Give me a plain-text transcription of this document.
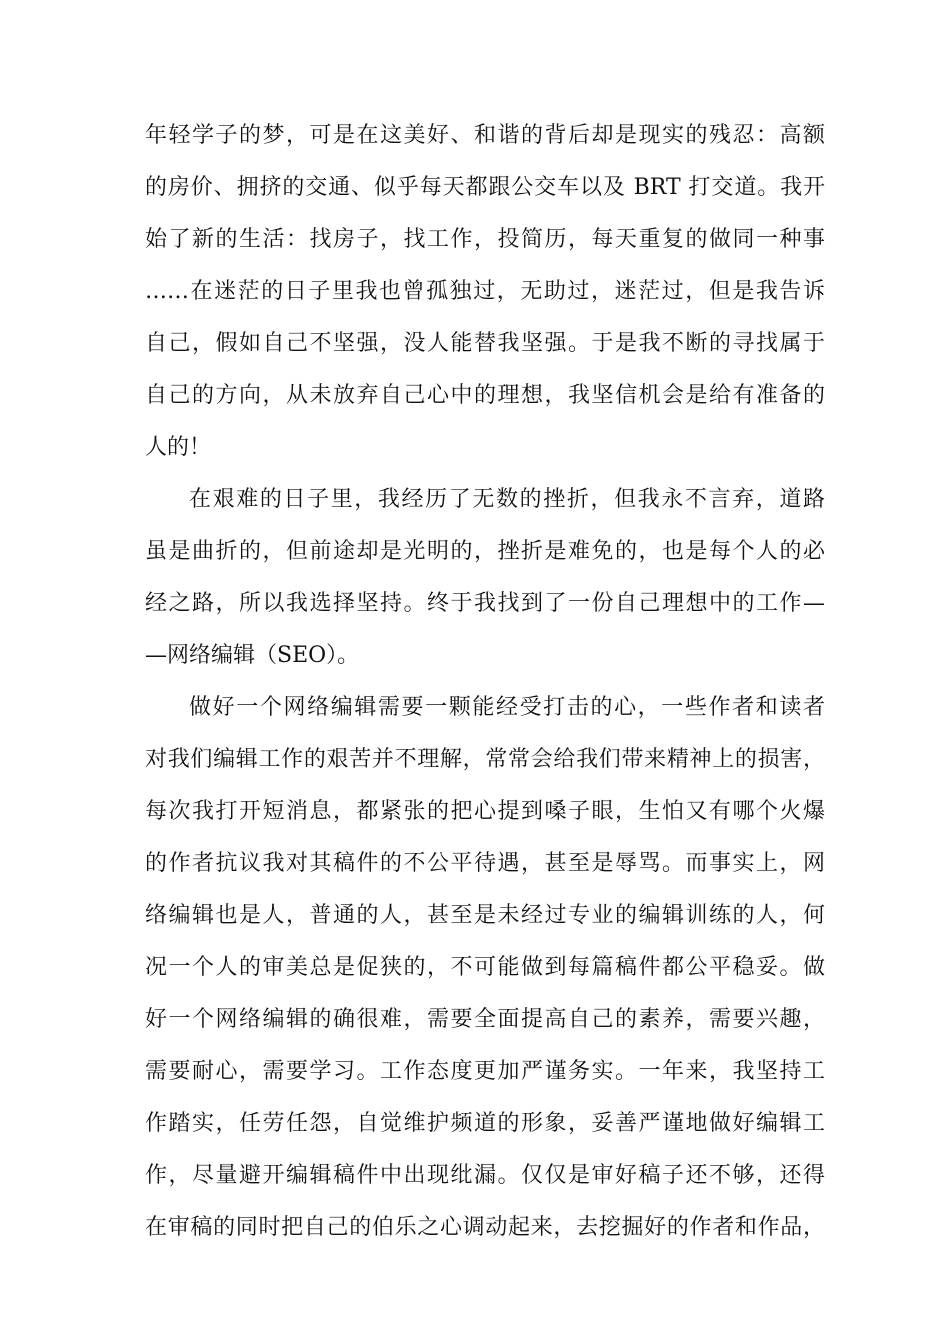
年轻学子的梦，可是在这美好、和谐的背后却是现实的残忍：高额
的房价、拥挤的交通、似乎每天都跟公交车以及 BRT 打交道。我开
始了新的生活：找房子，找工作，投简历，每天重复的做同一种事
……在迷茫的日子里我也曾孤独过，无助过，迷茫过，但是我告诉
自己，假如自己不坚强，没人能替我坚强。于是我不断的寻找属于
自己的方向，从未放弃自己心中的理想，我坚信机会是给有准备的
人的！
在艰难的日子里，我经历了无数的挫折，但我永不言弃，道路
虽是曲折的，但前途却是光明的，挫折是难免的，也是每个人的必
经之路，所以我选择坚持。终于我找到了一份自己理想中的工作—
—网络编辑（SEO）。
做好一个网络编辑需要一颗能经受打击的心，一些作者和读者
对我们编辑工作的艰苦并不理解，常常会给我们带来精神上的损害，
每次我打开短消息，都紧张的把心提到嗓子眼，生怕又有哪个火爆
的作者抗议我对其稿件的不公平待遇，甚至是辱骂。而事实上，网
络编辑也是人，普通的人，甚至是未经过专业的编辑训练的人，何
况一个人的审美总是促狭的，不可能做到每篇稿件都公平稳妥。做
好一个网络编辑的确很难，需要全面提高自己的素养，需要兴趣，
需要耐心，需要学习。工作态度更加严谨务实。一年来，我坚持工
作踏实，任劳任怨，自觉维护频道的形象，妥善严谨地做好编辑工
作，尽量避开编辑稿件中出现纰漏。仅仅是审好稿子还不够，还得
在审稿的同时把自己的伯乐之心调动起来，去挖掘好的作者和作品，
